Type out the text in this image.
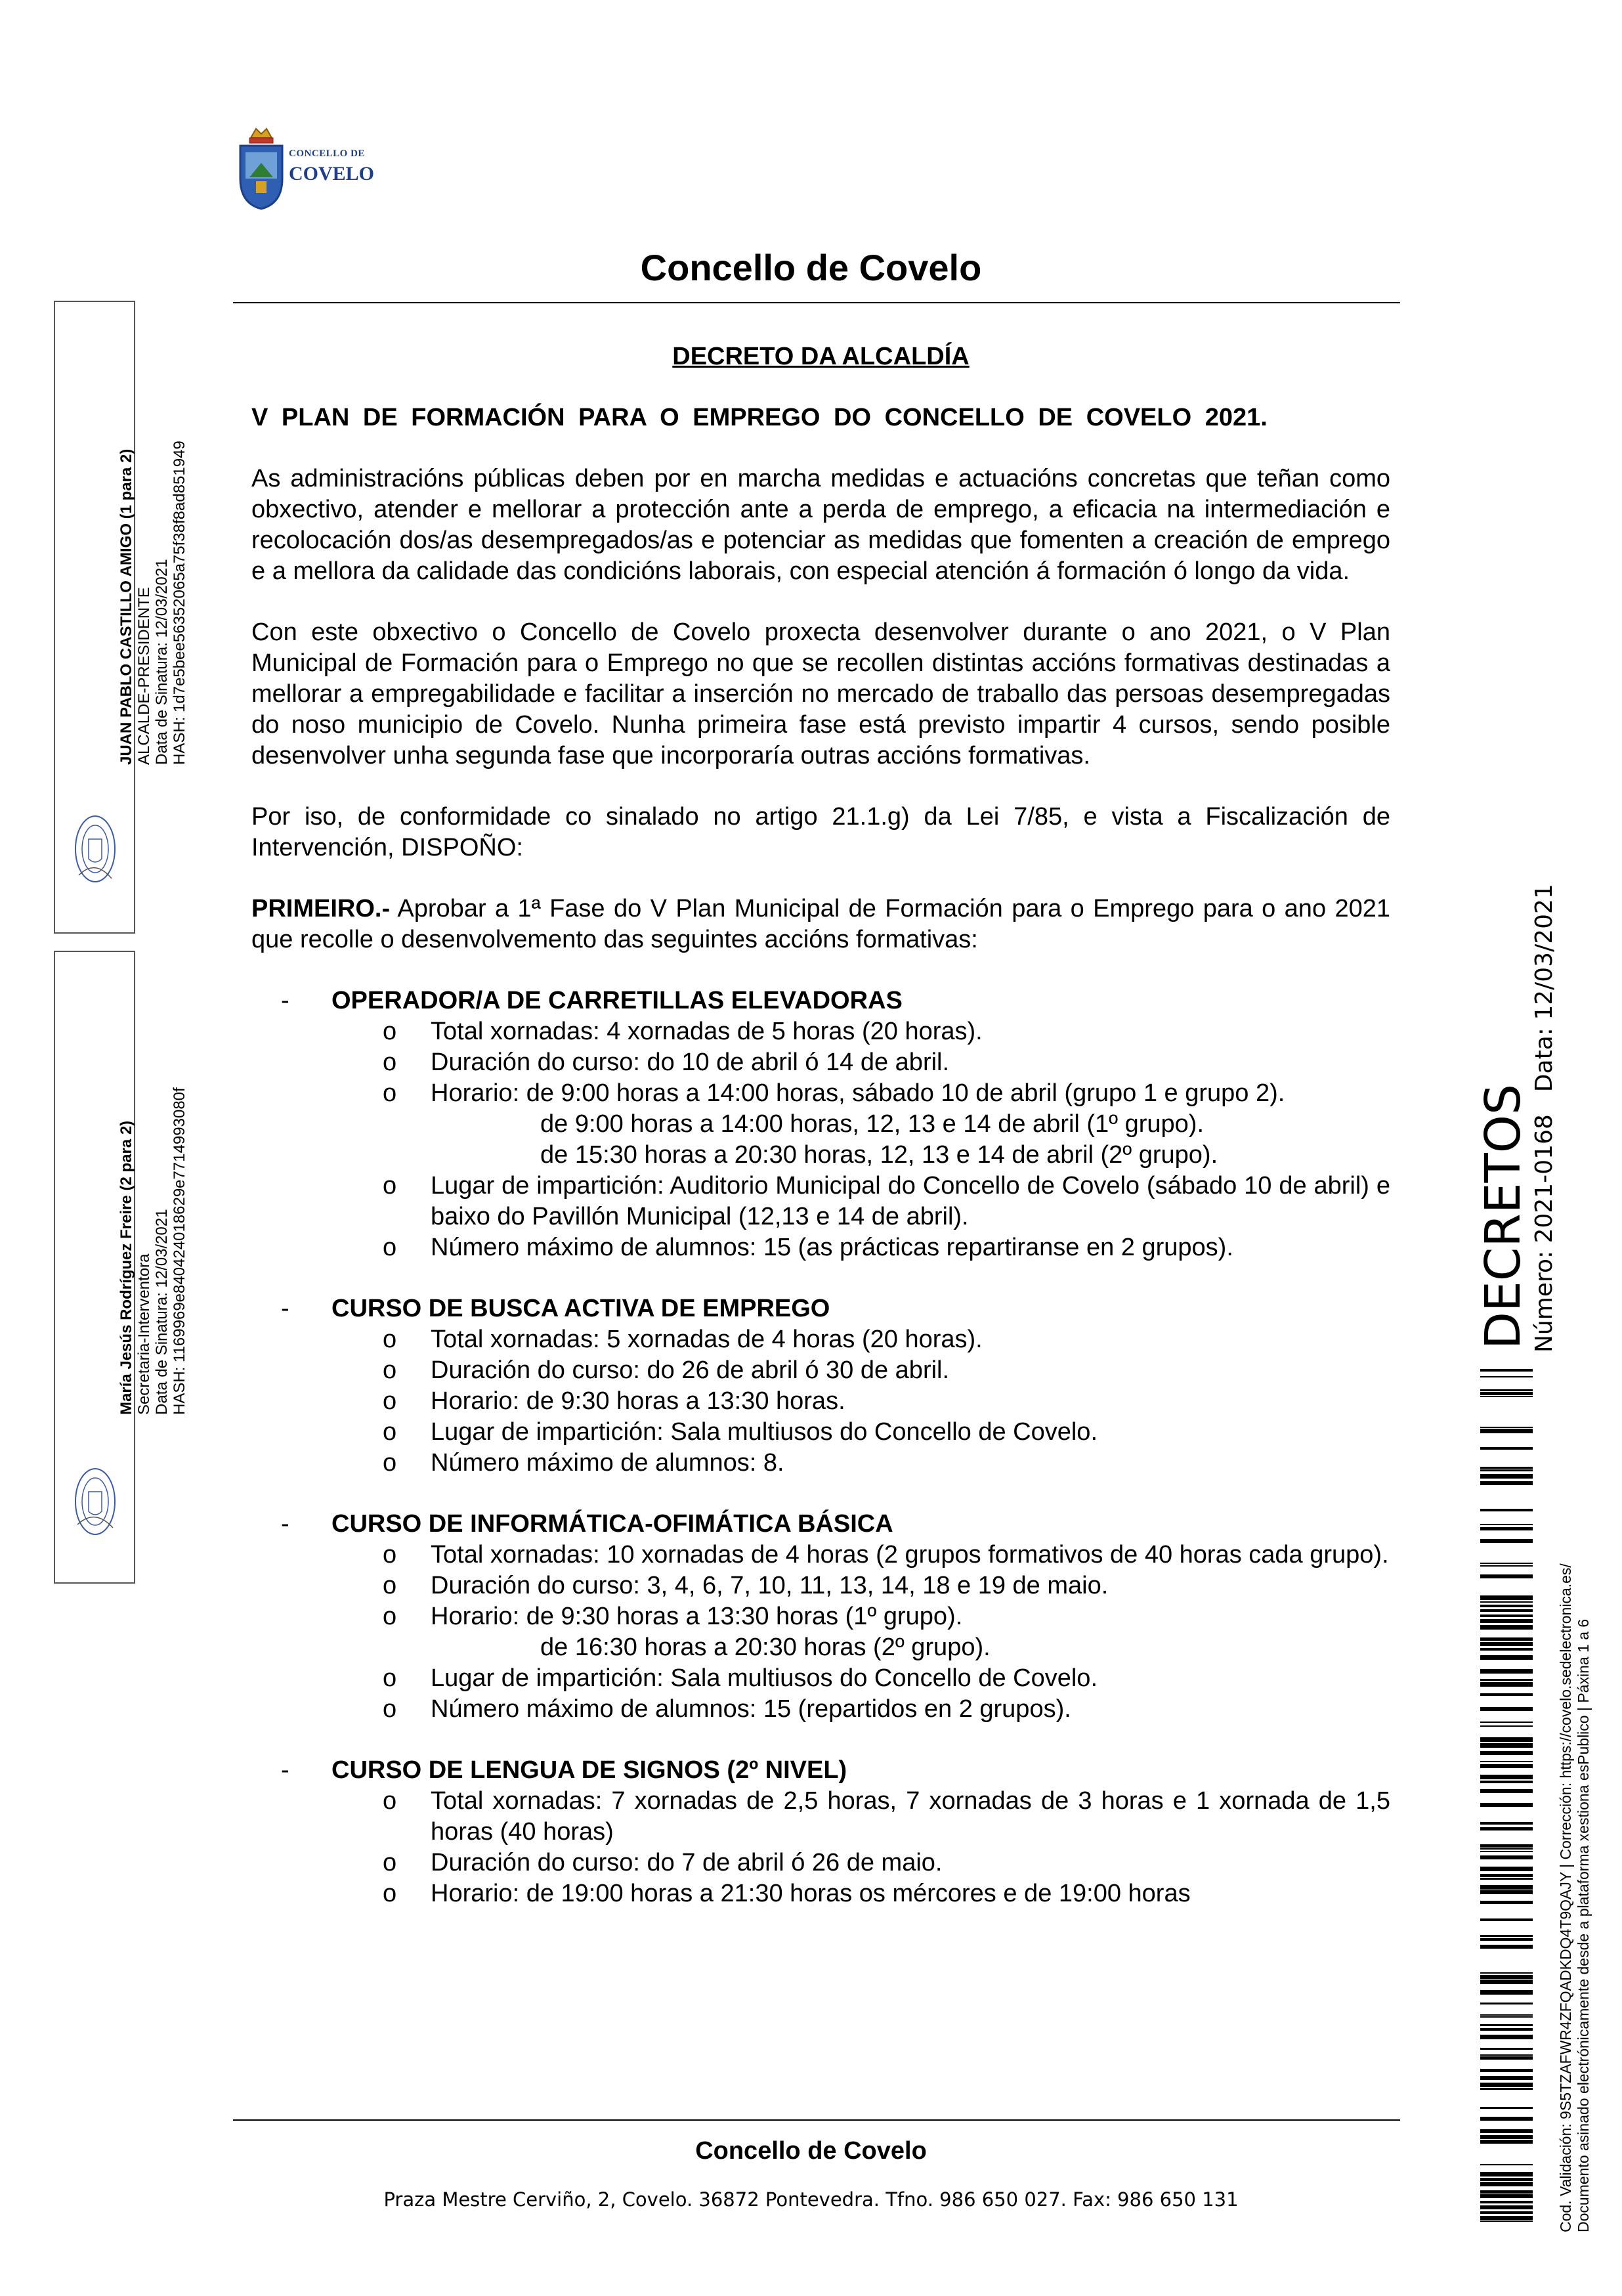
CONCELLO DE
COVELO
Concello de Covelo

DECRETO DA ALCALDÍA

V PLAN DE FORMACIÓN PARA O EMPREGO DO CONCELLO DE COVELO 2021.

As administracións públicas deben por en marcha medidas e actuacións concretas que teñan como obxectivo, atender e mellorar a protección ante a perda de emprego, a eficacia na intermediación e recolocación dos/as desempregados/as e potenciar as medidas que fomenten a creación de emprego e a mellora da calidade das condicións laborais, con especial atención á formación ó longo da vida.

Con este obxectivo o Concello de Covelo proxecta desenvolver durante o ano 2021, o V Plan Municipal de Formación para o Emprego no que se recollen distintas accións formativas destinadas a mellorar a empregabilidade e facilitar a inserción no mercado de traballo das persoas desempregadas do noso municipio de Covelo. Nunha primeira fase está previsto impartir 4 cursos, sendo posible desenvolver unha segunda fase que incorporaría outras accións formativas.

Por iso, de conformidade co sinalado no artigo 21.1.g) da Lei 7/85, e vista a Fiscalización de Intervención, DISPOÑO:

PRIMEIRO.- Aprobar a 1ª Fase do V Plan Municipal de Formación para o Emprego para o ano 2021 que recolle o desenvolvemento das seguintes accións formativas:

- OPERADOR/A DE CARRETILLAS ELEVADORAS
o Total xornadas: 4 xornadas de 5 horas (20 horas).
o Duración do curso: do 10 de abril ó 14 de abril.
o Horario: de 9:00 horas a 14:00 horas, sábado 10 de abril (grupo 1 e grupo 2).
de 9:00 horas a 14:00 horas, 12, 13 e 14 de abril (1º grupo).
de 15:30 horas a 20:30 horas, 12, 13 e 14 de abril (2º grupo).
o Lugar de impartición: Auditorio Municipal do Concello de Covelo (sábado 10 de abril) e baixo do Pavillón Municipal (12,13 e 14 de abril).
o Número máximo de alumnos: 15 (as prácticas repartiranse en 2 grupos).
- CURSO DE BUSCA ACTIVA DE EMPREGO
o Total xornadas: 5 xornadas de 4 horas (20 horas).
o Duración do curso: do 26 de abril ó 30 de abril.
o Horario: de 9:30 horas a 13:30 horas.
o Lugar de impartición: Sala multiusos do Concello de Covelo.
o Número máximo de alumnos: 8.
- CURSO DE INFORMÁTICA-OFIMÁTICA BÁSICA
o Total xornadas: 10 xornadas de 4 horas (2 grupos formativos de 40 horas cada grupo).
o Duración do curso: 3, 4, 6, 7, 10, 11, 13, 14, 18 e 19 de maio.
o Horario: de 9:30 horas a 13:30 horas (1º grupo).
de 16:30 horas a 20:30 horas (2º grupo).
o Lugar de impartición: Sala multiusos do Concello de Covelo.
o Número máximo de alumnos: 15 (repartidos en 2 grupos).
- CURSO DE LENGUA DE SIGNOS (2º NIVEL)
o Total xornadas: 7 xornadas de 2,5 horas, 7 xornadas de 3 horas e 1 xornada de 1,5 horas (40 horas)
o Duración do curso: do 7 de abril ó 26 de maio.
o Horario: de 19:00 horas a 21:30 horas os mércores e de 19:00 horas
Concello de Covelo
Praza Mestre Cerviño, 2, Covelo. 36872 Pontevedra. Tfno. 986 650 027. Fax: 986 650 131
JUAN PABLO CASTILLO AMIGO (1 para 2) ALCALDE-PRESIDENTE Data de Sinatura: 12/03/2021 HASH: 1d7e5bee56352065a75f38f8ad851949
María Jesús Rodríguez Freire (2 para 2) Secretaria-Interventora Data de Sinatura: 12/03/2021 HASH: 1169969e840424018629e7714993080f	DECRETOS Número: 2021-0168Data: 12/03/2021
Cod. Validación: 9S5TZAFWR4ZFQADKDQ4T9QAJY | Corrección: https://covelo.sedelectronica.es/ Documento asinado electrónicamente desde a plataforma xestiona esPublico | Páxina 1 a 6
